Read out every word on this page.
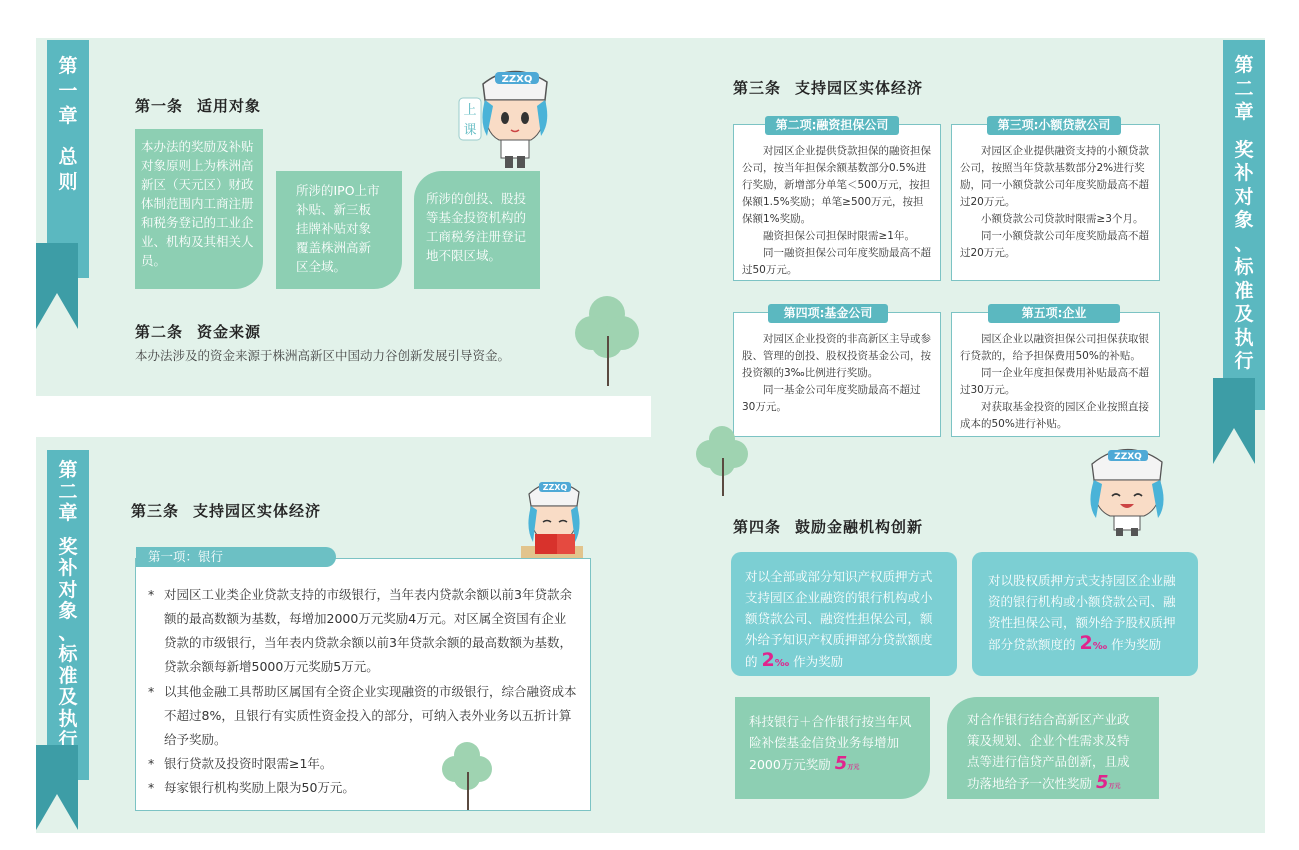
第
一
章
总
则
第一条 适用对象
本办法的奖励及补贴对象原则上为株洲高新区（天元区）财政体制范围内工商注册和税务登记的工业企业、机构及其相关人员。
所涉的IPO上市补贴、新三板挂牌补贴对象覆盖株洲高新区全域。
所涉的创投、股投等基金投资机构的工商税务注册登记地不限区域。
上
课
ZZXQ
第二条 资金来源
本办法涉及的资金来源于株洲高新区中国动力谷创新发展引导资金。
第
二
章
奖
补
对
象
、
标
准
及
执
行
第三条 支持园区实体经济
ZZXQ
第一项：银行
* 对园区工业类企业贷款支持的市级银行，当年表内贷款余额以前3年贷款余
额的最高数额为基数，每增加2000万元奖励4万元。对区属全资国有企业
贷款的市级银行，当年表内贷款余额以前3年贷款余额的最高数额为基数，
贷款余额每新增5000万元奖励5万元。
* 以其他金融工具帮助区属国有全资企业实现融资的市级银行，综合融资成本
不超过8%，且银行有实质性资金投入的部分，可纳入表外业务以五折计算
给予奖励。
* 银行贷款及投资时限需≥1年。
* 每家银行机构奖励上限为50万元。
第
二
章
奖
补
对
象
、
标
准
及
执
行
第三条 支持园区实体经济
对园区企业提供贷款担保的融资担保公司，按当年担保余额基数部分0.5%进行奖励，新增部分单笔＜500万元，按担保额1.5%奖励；单笔≥500万元，按担保额1%奖励。
融资担保公司担保时限需≥1年。
同一融资担保公司年度奖励最高不超过50万元。
第二项:融资担保公司
对园区企业提供融资支持的小额贷款公司，按照当年贷款基数部分2%进行奖励，同一小额贷款公司年度奖励最高不超过20万元。
小额贷款公司贷款时限需≥3个月。
同一小额贷款公司年度奖励最高不超过20万元。
第三项:小额贷款公司
对园区企业投资的非高新区主导或参股、管理的创投、股权投资基金公司，按投资额的3‰比例进行奖励。
同一基金公司年度奖励最高不超过30万元。
第四项:基金公司
园区企业以融资担保公司担保获取银行贷款的，给予担保费用50%的补贴。
同一企业年度担保费用补贴最高不超过30万元。
对获取基金投资的园区企业按照直接成本的50%进行补贴。
第五项:企业
ZZXQ
第四条 鼓励金融机构创新
对以全部或部分知识产权质押方式支持园区企业融资的银行机构或小额贷款公司、融资性担保公司，额外给予知识产权质押部分贷款额度的 2‰ 作为奖励
对以股权质押方式支持园区企业融资的银行机构或小额贷款公司、融资性担保公司，额外给予股权质押部分贷款额度的 2‰ 作为奖励
科技银行＋合作银行按当年风险补偿基金信贷业务每增加2000万元奖励 5万元
对合作银行结合高新区产业政策及规划、企业个性需求及特点等进行信贷产品创新，且成功落地给予一次性奖励 5万元
